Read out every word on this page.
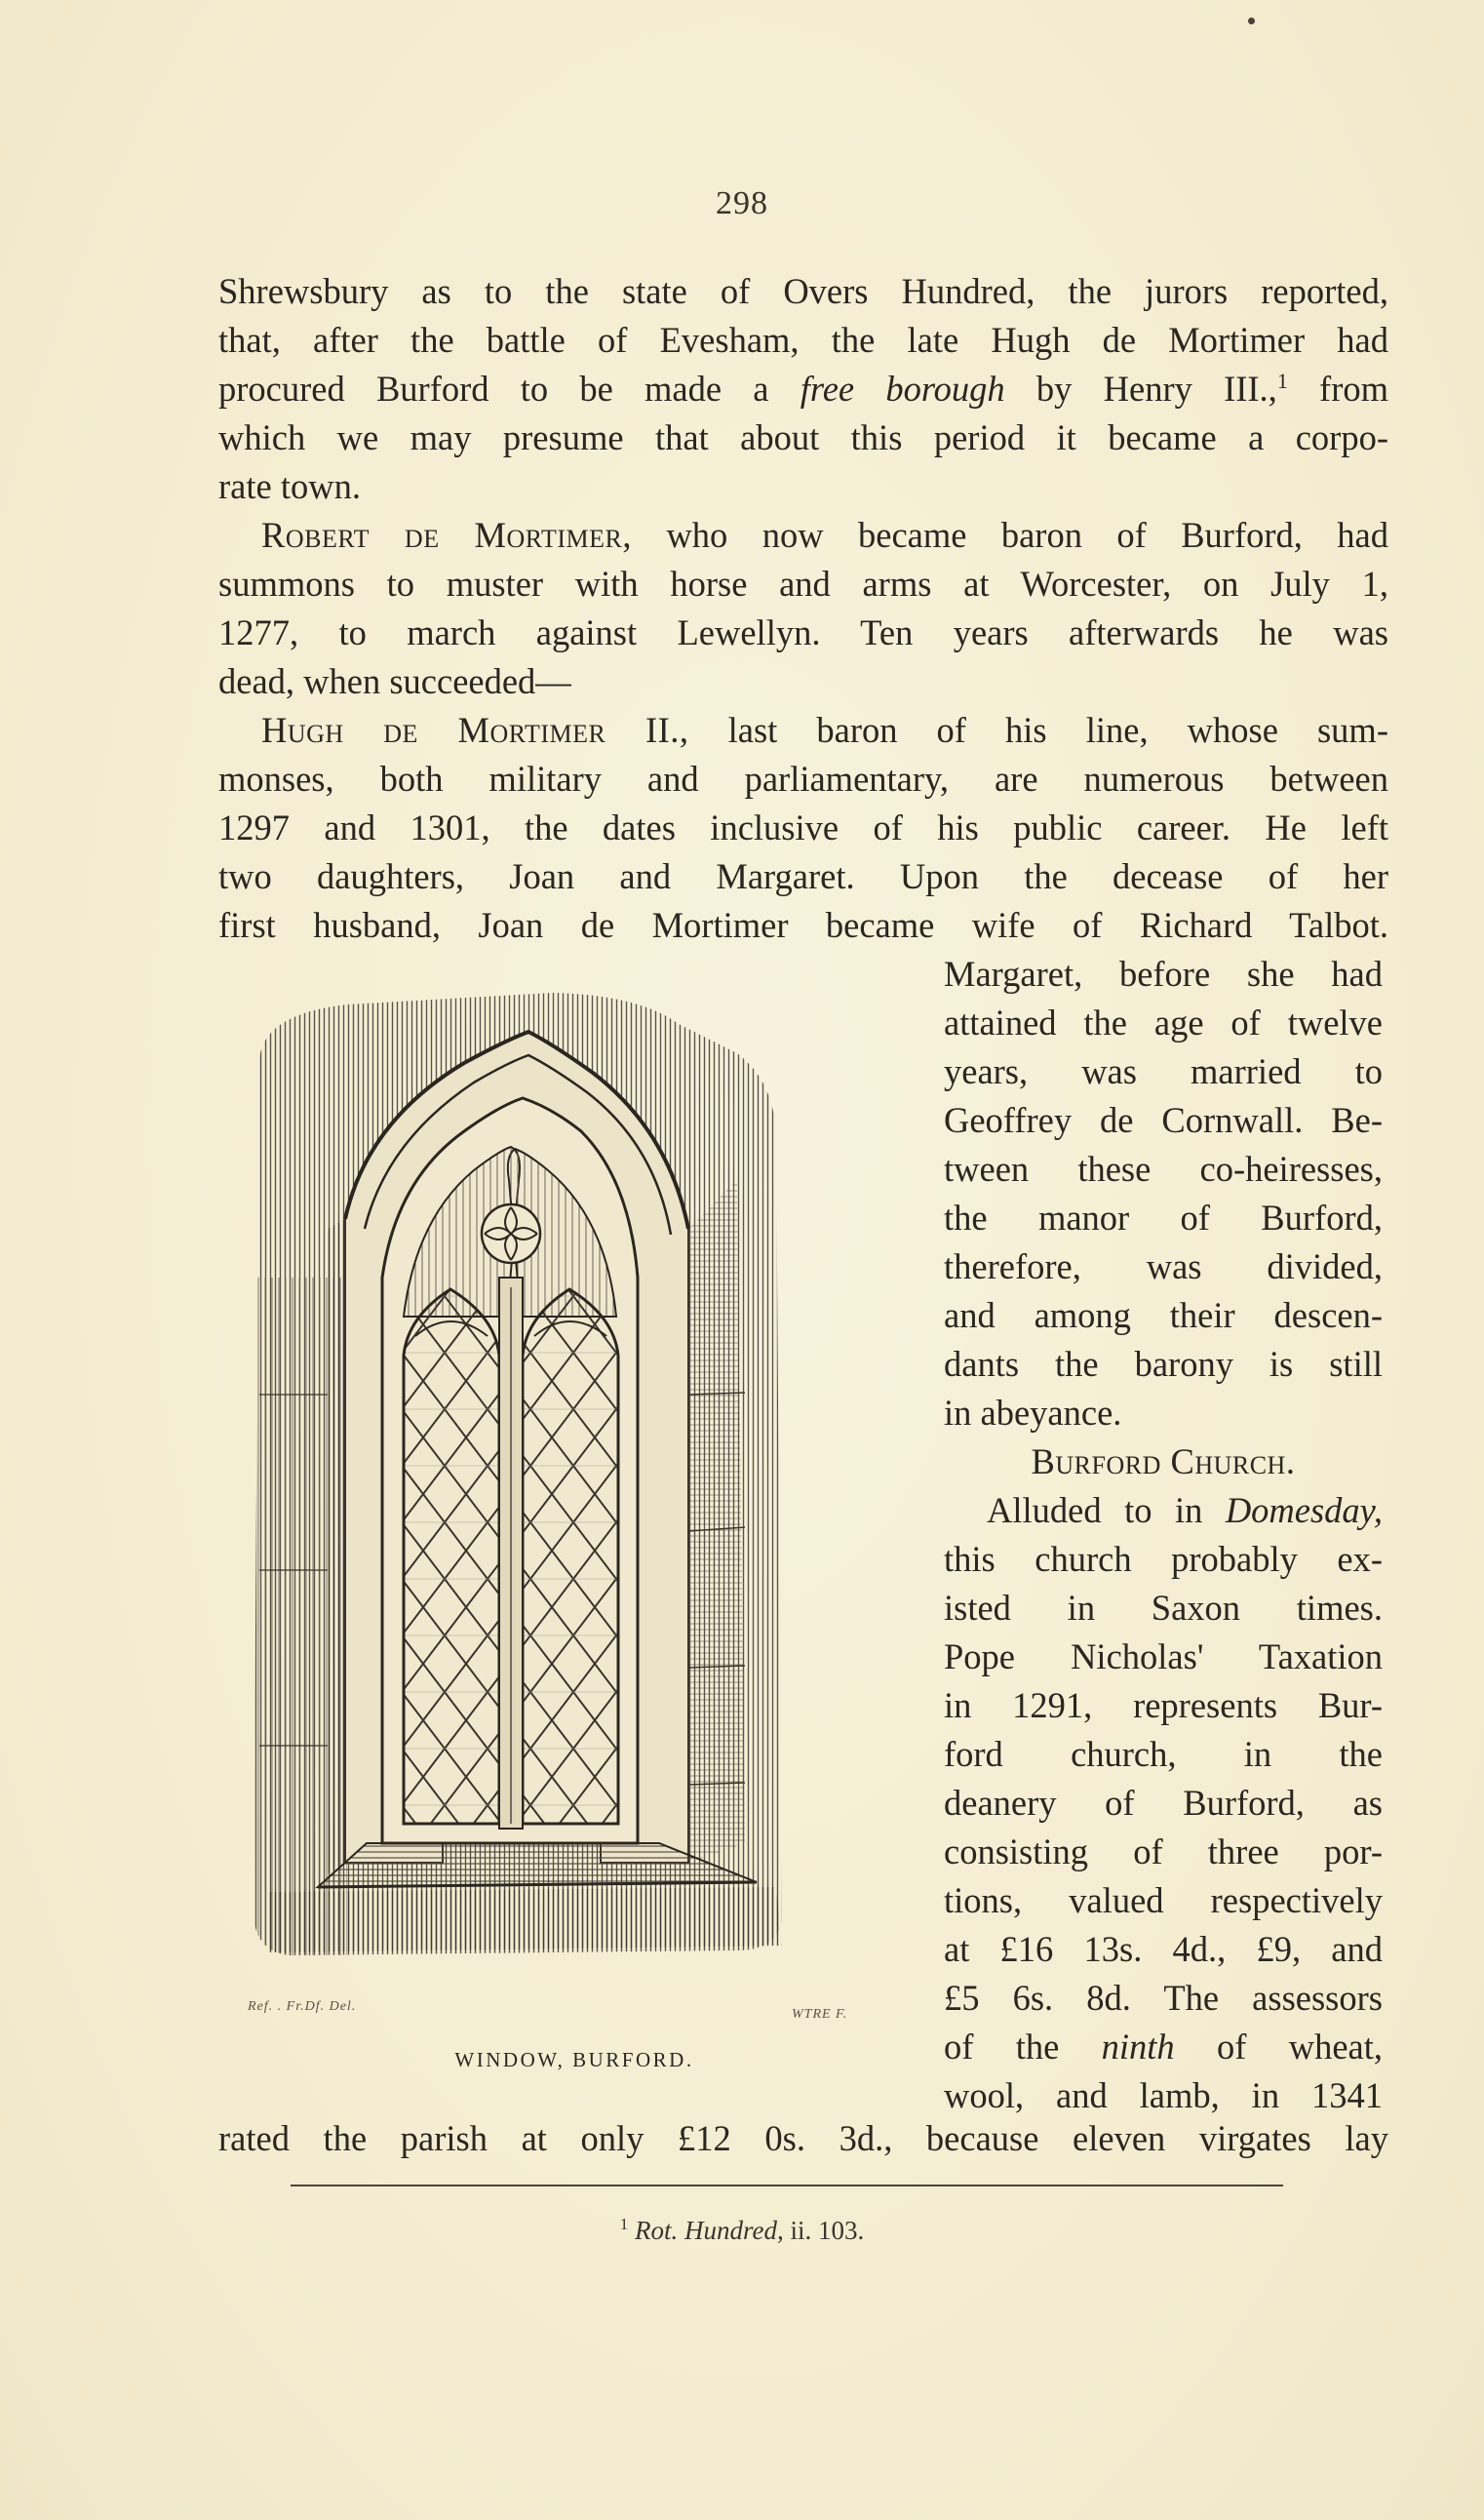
298
Shrewsbury as to the state of Overs Hundred, the jurors reported,
that, after the battle of Evesham, the late Hugh de Mortimer had
procured Burford to be made a free borough by Henry III.,$^1$ from
which we may presume that about this period it became a corpo-
rate town.
Robert de Mortimer, who now became baron of Burford, had
summons to muster with horse and arms at Worcester, on July 1,
1277, to march against Lewellyn. Ten years afterwards he was
dead, when succeeded—
Hugh de Mortimer II., last baron of his line, whose sum-
monses, both military and parliamentary, are numerous between
1297 and 1301, the dates inclusive of his public career. He left
two daughters, Joan and Margaret. Upon the decease of her
first husband, Joan de Mortimer became wife of Richard Talbot.
Margaret, before she had
attained the age of twelve
years, was married to
Geoffrey de Cornwall. Be-
tween these co-heiresses,
the manor of Burford,
therefore, was divided,
and among their descen-
dants the barony is still
in abeyance.
Burford Church.
Alluded to in Domesday,
this church probably ex-
isted in Saxon times.
Pope Nicholas' Taxation
in 1291, represents Bur-
ford church, in the
deanery of Burford, as
consisting of three por-
tions, valued respectively
at £16 13s. 4d., £9, and
£5 6s. 8d. The assessors
of the ninth of wheat,
wool, and lamb, in 1341
rated the parish at only £12 0s. 3d., because eleven virgates lay
Ref. . Fr.Df. Del.
WTRE F.
WINDOW, BURFORD.
$^1$ Rot. Hundred, ii. 103.
